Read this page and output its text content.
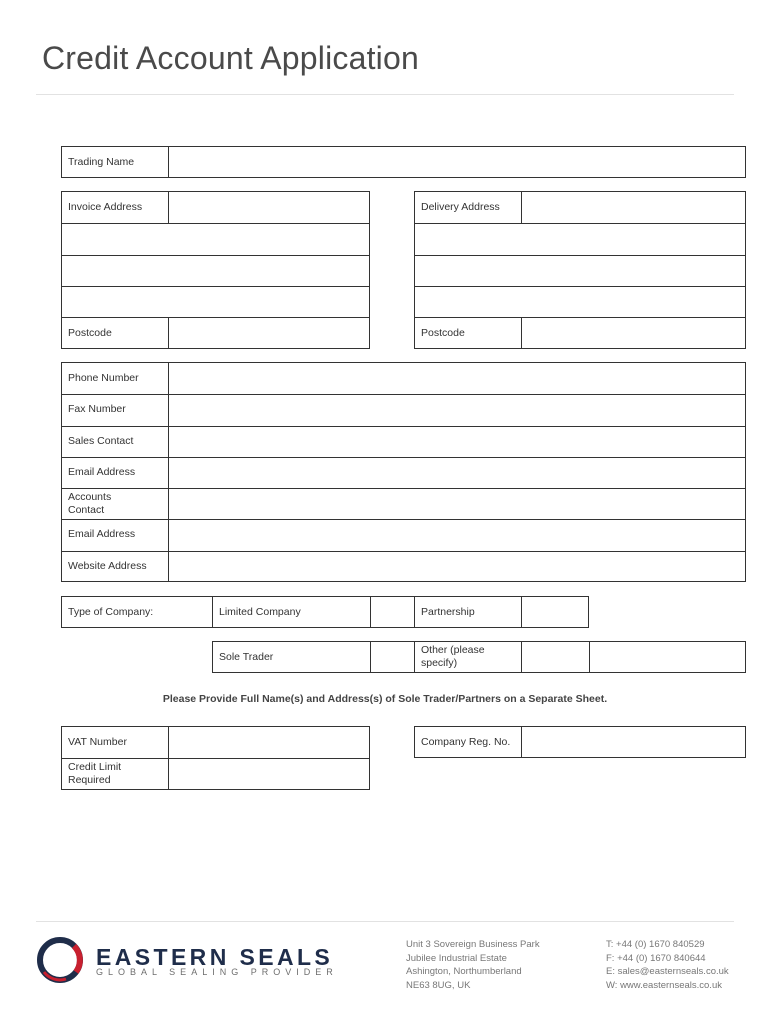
Credit Account Application
Trading Name
Invoice Address
Postcode
Delivery Address
Postcode
Phone Number
Fax Number
Sales Contact
Email Address
Accounts Contact
Email Address
Website Address
Type of Company:	Limited Company	Partnership
Sole Trader
Other (please specify)
Please Provide Full Name(s) and Address(s) of Sole Trader/Partners on a Separate Sheet.
VAT Number
Credit Limit Required
Company Reg. No.
EASTERN SEALS
GLOBAL SEALING PROVIDER
Unit 3 Sovereign Business Park
Jubilee Industrial Estate
Ashington, Northumberland
NE63 8UG, UK
T: +44 (0) 1670 840529
F: +44 (0) 1670 840644
E: sales@easternseals.co.uk
W: www.easternseals.co.uk
